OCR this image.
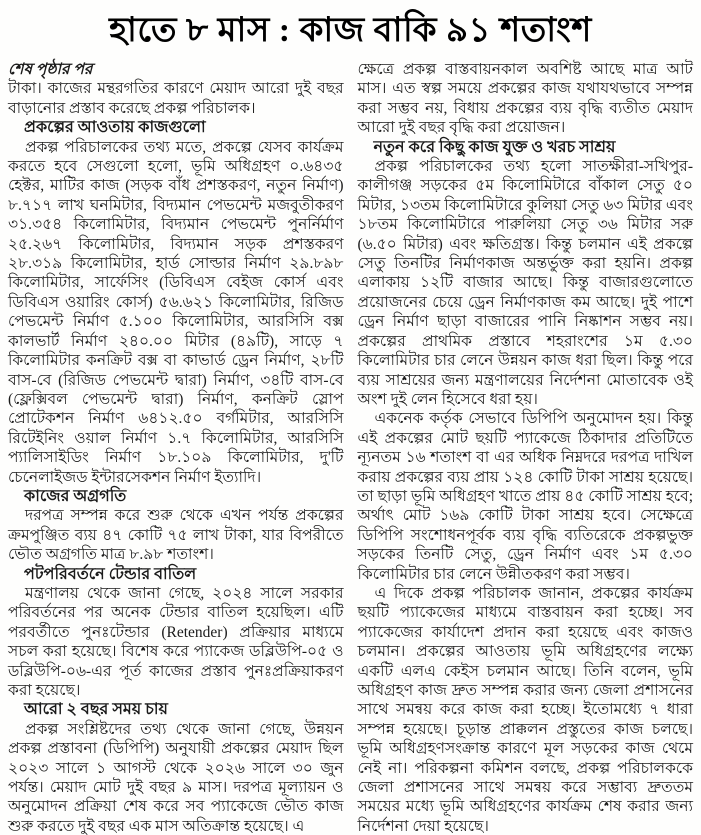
হাতে ৮ মাস : কাজ বাকি ৯১ শতাংশ

শেষ পৃষ্ঠার পর

টাকা। কাজের মন্থরগতির কারণে মেয়াদ আরো দুই বছর বাড়ানোর প্রস্তাব করেছে প্রকল্প পরিচালক।

প্রকল্পের আওতায় কাজগুলো

প্রকল্প পরিচালকের তথ্য মতে, প্রকল্পে যেসব কার্যক্রম করতে হবে সেগুলো হলো, ভূমি অধিগ্রহণ ০.৬৪৩৫ হেক্টর, মাটির কাজ (সড়ক বাঁধ প্রশস্তকরণ, নতুন নির্মাণ) ৮.৭১৭ লাখ ঘনমিটার, বিদ্যমান পেভমেন্ট মজবুতীকরণ ৩১.৩৫৪ কিলোমিটার, বিদ্যমান পেভমেন্ট পুনর্নির্মাণ ২৫.২৬৭ কিলোমিটার, বিদ্যমান সড়ক প্রশস্তকরণ ২৮.৩১৯ কিলোমিটার, হার্ড সোল্ডার নির্মাণ ২৯.৮৯৮ কিলোমিটার, সার্ফেসিং (ডিবিএস বেইজ কোর্স এবং ডিবিএস ওয়ারিং কোর্স) ৫৬.৬২১ কিলোমিটার, রিজিড পেভমেন্ট নির্মাণ ৫.১০০ কিলোমিটার, আরসিসি বক্স কালভার্ট নির্মাণ ২৪০.০০ মিটার (৪৯টি), সাড়ে ৭ কিলোমিটার কনক্রিট বক্স বা কাভার্ড ড্রেন নির্মাণ, ২৮টি বাস-বে (রিজিড পেভমেন্ট দ্বারা) নির্মাণ, ৩৪টি বাস-বে (ফ্লেক্সিবল পেভমেন্ট দ্বারা) নির্মাণ, কনক্রিট স্লোপ প্রোটেকশন নির্মাণ ৬৪১২.৫০ বর্গমিটার, আরসিসি রিটেইনিং ওয়াল নির্মাণ ১.৭ কিলোমিটার, আরসিসি প্যালিসাইডিং নির্মাণ ১৮.১০৯ কিলোমিটার, দু'টি চেনেলাইজড ইন্টারসেকশন নির্মাণ ইত্যাদি।

কাজের অগ্রগতি

দরপত্র সম্পন্ন করে শুরু থেকে এখন পর্যন্ত প্রকল্পের ক্রমপুঞ্জিত ব্যয় ৪৭ কোটি ৭৫ লাখ টাকা, যার বিপরীতে ভৌত অগ্রগতি মাত্র ৮.৯৮ শতাংশ।

পটপরিবর্তনে টেন্ডার বাতিল

মন্ত্রণালয় থেকে জানা গেছে, ২০২৪ সালে সরকার পরিবর্তনের পর অনেক টেন্ডার বাতিল হয়েছিল। এটি পরবর্তীতে পুনঃটেন্ডার (Retender) প্রক্রিয়ার মাধ্যমে সচল করা হয়েছে। বিশেষ করে প্যাকেজ ডব্লিউপি-০৫ ও ডব্লিউপি-০৬-এর পূর্ত কাজের প্রস্তাব পুনঃপ্রক্রিয়াকরণ করা হয়েছে।

আরো ২ বছর সময় চায়

প্রকল্প সংশ্লিষ্টদের তথ্য থেকে জানা গেছে, উন্নয়ন প্রকল্প প্রস্তাবনা (ডিপিপি) অনুযায়ী প্রকল্পের মেয়াদ ছিল ২০২৩ সালে ১ আগস্ট থেকে ২০২৬ সালে ৩০ জুন পর্যন্ত। মেয়াদ মোট দুই বছর ৯ মাস। দরপত্র মূল্যায়ন ও অনুমোদন প্রক্রিয়া শেষ করে সব প্যাকেজে ভৌত কাজ শুরু করতে দুই বছর এক মাস অতিক্রান্ত হয়েছে। এ

ক্ষেত্রে প্রকল্প বাস্তবায়নকাল অবশিষ্ট আছে মাত্র আট মাস। এত স্বল্প সময়ে প্রকল্পের কাজ যথাযথভাবে সম্পন্ন করা সম্ভব নয়, বিধায় প্রকল্পের ব্যয় বৃদ্ধি ব্যতীত মেয়াদ আরো দুই বছর বৃদ্ধি করা প্রয়োজন।

নতুন করে কিছু কাজ যুক্ত ও খরচ সাশ্রয়

প্রকল্প পরিচালকের তথ্য হলো সাতক্ষীরা-সখিপুর-কালীগঞ্জ সড়কের ৫ম কিলোমিটারে বাঁকাল সেতু ৫০ মিটার, ১৩তম কিলোমিটারে কুলিয়া সেতু ৬৩ মিটার এবং ১৮তম কিলোমিটারে পারুলিয়া সেতু ৩৬ মিটার সরু (৬.৫০ মিটার) এবং ক্ষতিগ্রস্ত। কিন্তু চলমান এই প্রকল্পে সেতু তিনটির নির্মাণকাজ অন্তর্ভুক্ত করা হয়নি। প্রকল্প এলাকায় ১২টি বাজার আছে। কিন্তু বাজারগুলোতে প্রয়োজনের চেয়ে ড্রেন নির্মাণকাজ কম আছে। দুই পাশে ড্রেন নির্মাণ ছাড়া বাজারের পানি নিষ্কাশন সম্ভব নয়। প্রকল্পের প্রাথমিক প্রস্তাবে শহরাংশের ১ম ৫.৩০ কিলোমিটার চার লেনে উন্নয়ন কাজ ধরা ছিল। কিন্তু পরে ব্যয় সাশ্রয়ের জন্য মন্ত্রণালয়ের নির্দেশনা মোতাবেক ওই অংশ দুই লেন হিসেবে ধরা হয়।

একনেক কর্তৃক সেভাবে ডিপিপি অনুমোদন হয়। কিন্তু এই প্রকল্পের মোট ছয়টি প্যাকেজে ঠিকাদার প্রতিটিতে ন্যূনতম ১৬ শতাংশ বা এর অধিক নিম্নদরে দরপত্র দাখিল করায় প্রকল্পের ব্যয় প্রায় ১২৪ কোটি টাকা সাশ্রয় হয়েছে। তা ছাড়া ভূমি অধিগ্রহণ খাতে প্রায় ৪৫ কোটি সাশ্রয় হবে; অর্থাৎ মোট ১৬৯ কোটি টাকা সাশ্রয় হবে। সেক্ষেত্রে ডিপিপি সংশোধনপূর্বক ব্যয় বৃদ্ধি ব্যতিরেকে প্রকল্পভুক্ত সড়কের তিনটি সেতু, ড্রেন নির্মাণ এবং ১ম ৫.৩০ কিলোমিটার চার লেনে উন্নীতকরণ করা সম্ভব।

এ দিকে প্রকল্প পরিচালক জানান, প্রকল্পের কার্যক্রম ছয়টি প্যাকেজের মাধ্যমে বাস্তবায়ন করা হচ্ছে। সব প্যাকেজের কার্যাদেশ প্রদান করা হয়েছে এবং কাজও চলমান। প্রকল্পের আওতায় ভূমি অধিগ্রহণের লক্ষ্যে একটি এলএ কেইস চলমান আছে। তিনি বলেন, ভূমি অধিগ্রহণ কাজ দ্রুত সম্পন্ন করার জন্য জেলা প্রশাসনের সাথে সমন্বয় করে কাজ করা হচ্ছে। ইতোমধ্যে ৭ ধারা সম্পন্ন হয়েছে। চূড়ান্ত প্রাক্কলন প্রস্তুতের কাজ চলছে। ভূমি অধিগ্রহণসংক্রান্ত কারণে মূল সড়কের কাজ থেমে নেই না। পরিকল্পনা কমিশন বলছে, প্রকল্প পরিচালককে জেলা প্রশাসনের সাথে সমন্বয় করে সম্ভাব্য দ্রুততম সময়ের মধ্যে ভূমি অধিগ্রহণের কার্যক্রম শেষ করার জন্য নির্দেশনা দেয়া হয়েছে।
